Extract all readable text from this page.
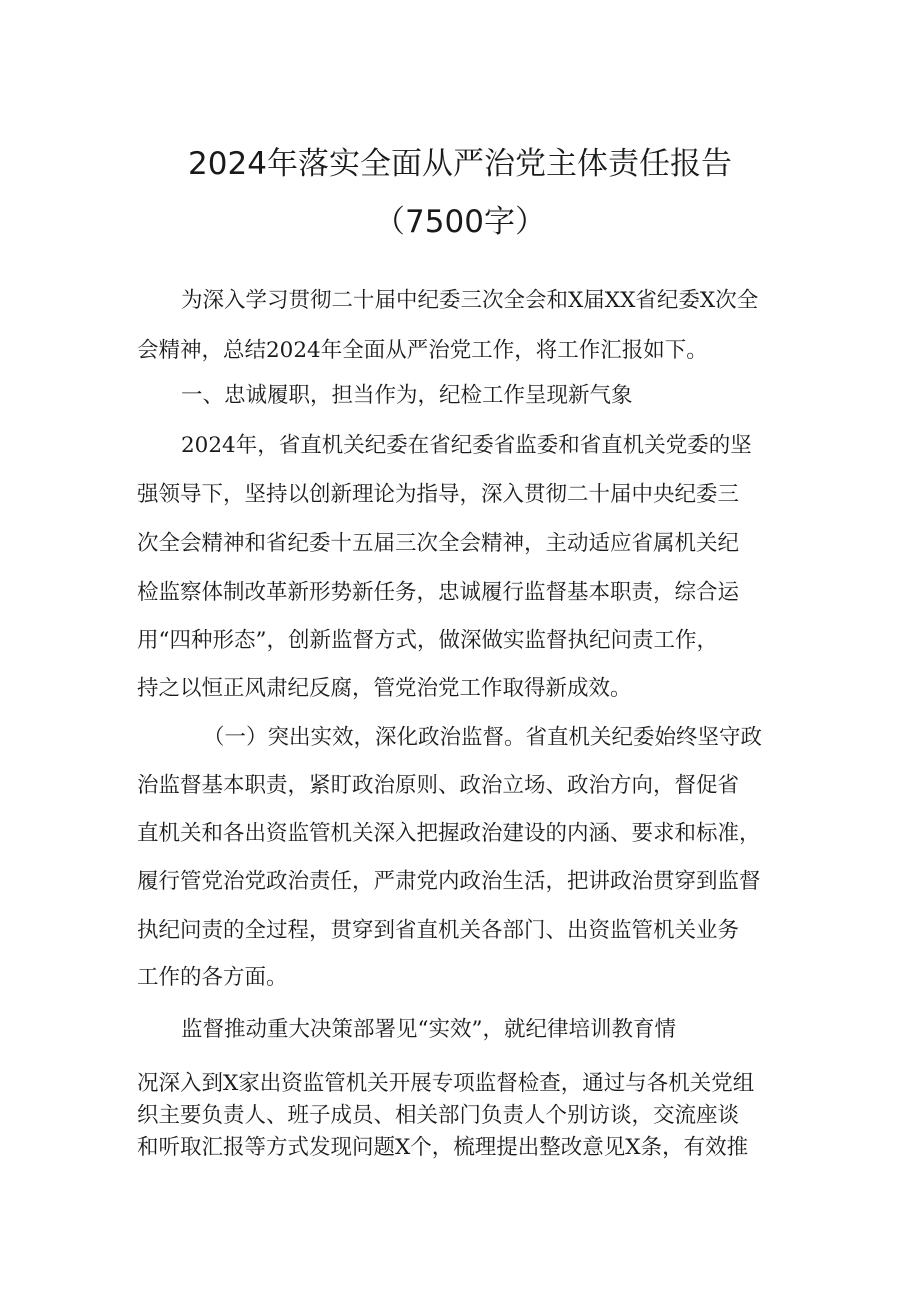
2024年落实全面从严治党主体责任报告
（7500字）

为深入学习贯彻二十届中纪委三次全会和X届XX省纪委X次全

会精神，总结2024年全面从严治党工作，将工作汇报如下。

一、忠诚履职，担当作为，纪检工作呈现新气象

2024年，省直机关纪委在省纪委省监委和省直机关党委的坚

强领导下，坚持以创新理论为指导，深入贯彻二十届中央纪委三

次全会精神和省纪委十五届三次全会精神，主动适应省属机关纪

检监察体制改革新形势新任务，忠诚履行监督基本职责，综合运

用“四种形态”，创新监督方式，做深做实监督执纪问责工作，

持之以恒正风肃纪反腐，管党治党工作取得新成效。

（一）突出实效，深化政治监督。省直机关纪委始终坚守政

治监督基本职责，紧盯政治原则、政治立场、政治方向，督促省

直机关和各出资监管机关深入把握政治建设的内涵、要求和标准，

履行管党治党政治责任，严肃党内政治生活，把讲政治贯穿到监督

执纪问责的全过程，贯穿到省直机关各部门、出资监管机关业务

工作的各方面。

监督推动重大决策部署见“实效”，就纪律培训教育情

况深入到X家出资监管机关开展专项监督检查，通过与各机关党组

织主要负责人、班子成员、相关部门负责人个别访谈，交流座谈

和听取汇报等方式发现问题X个，梳理提出整改意见X条，有效推
